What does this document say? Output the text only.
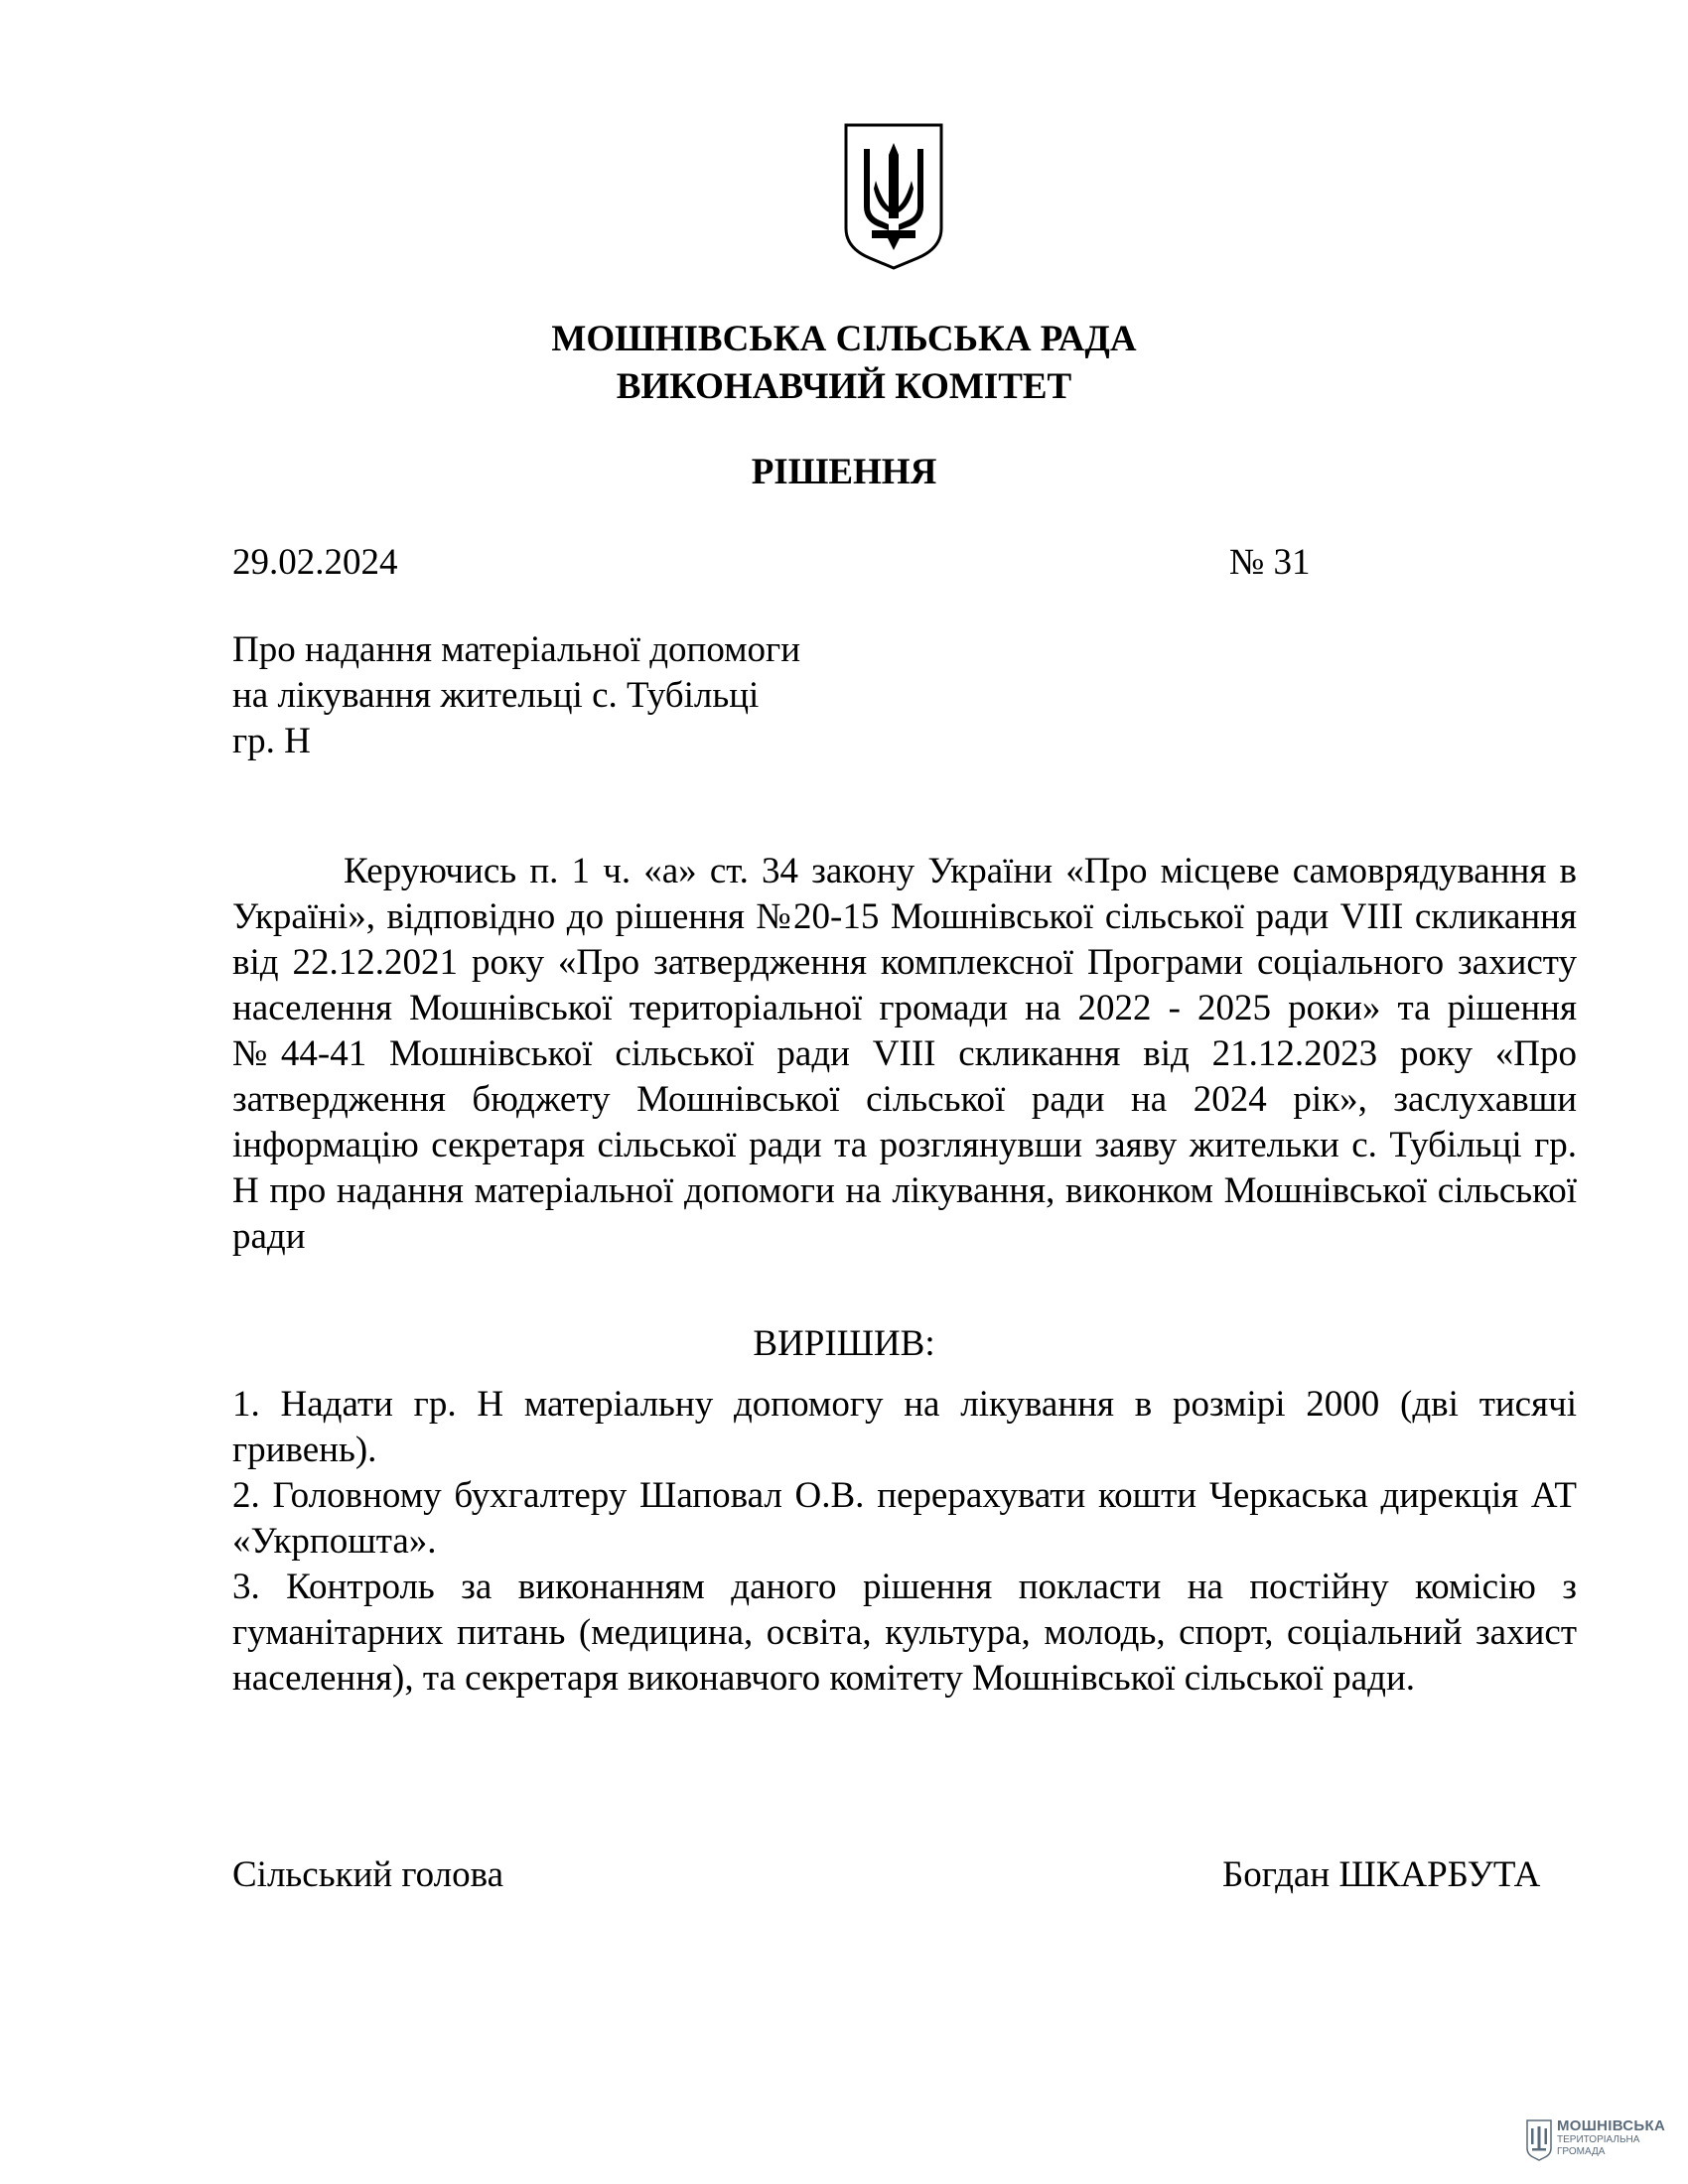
МОШНІВСЬКА СІЛЬСЬКА РАДА
ВИКОНАВЧИЙ КОМІТЕТ
РІШЕННЯ
29.02.2024	№ 31
Про надання матеріальної допомоги
на лікування жительці с. Тубільці
гр. Н

Керуючись п. 1 ч. «а» ст. 34 закону України «Про місцеве самоврядування в Україні», відповідно до рішення №20-15 Мошнівської сільської ради VIII скликання від 22.12.2021 року «Про затвердження комплексної Програми соціального захисту населення Мошнівської територіальної громади на 2022 - 2025 роки» та рішення №44-41 Мошнівської сільської ради VIII скликання від 21.12.2023 року «Про затвердження бюджету Мошнівської сільської ради на 2024 рік», заслухавши інформацію секретаря сільської ради та розглянувши заяву жительки с. Тубільці гр. Н про надання матеріальної допомоги на лікування, виконком Мошнівської сільської ради

ВИРІШИВ:
1. Надати гр. Н матеріальну допомогу на лікування в розмірі 2000 (дві тисячі гривень).
2. Головному бухгалтеру Шаповал О.В. перерахувати кошти Черкаська дирекція АТ «Укрпошта».
3. Контроль за виконанням даного рішення покласти на постійну комісію з гуманітарних питань (медицина, освіта, культура, молодь, спорт, соціальний захист населення), та секретаря виконавчого комітету Мошнівської сільської ради.
Сільський голова	Богдан ШКАРБУТА
МОШНІВСЬКА
ТЕРИТОРІАЛЬНА
ГРОМАДА
